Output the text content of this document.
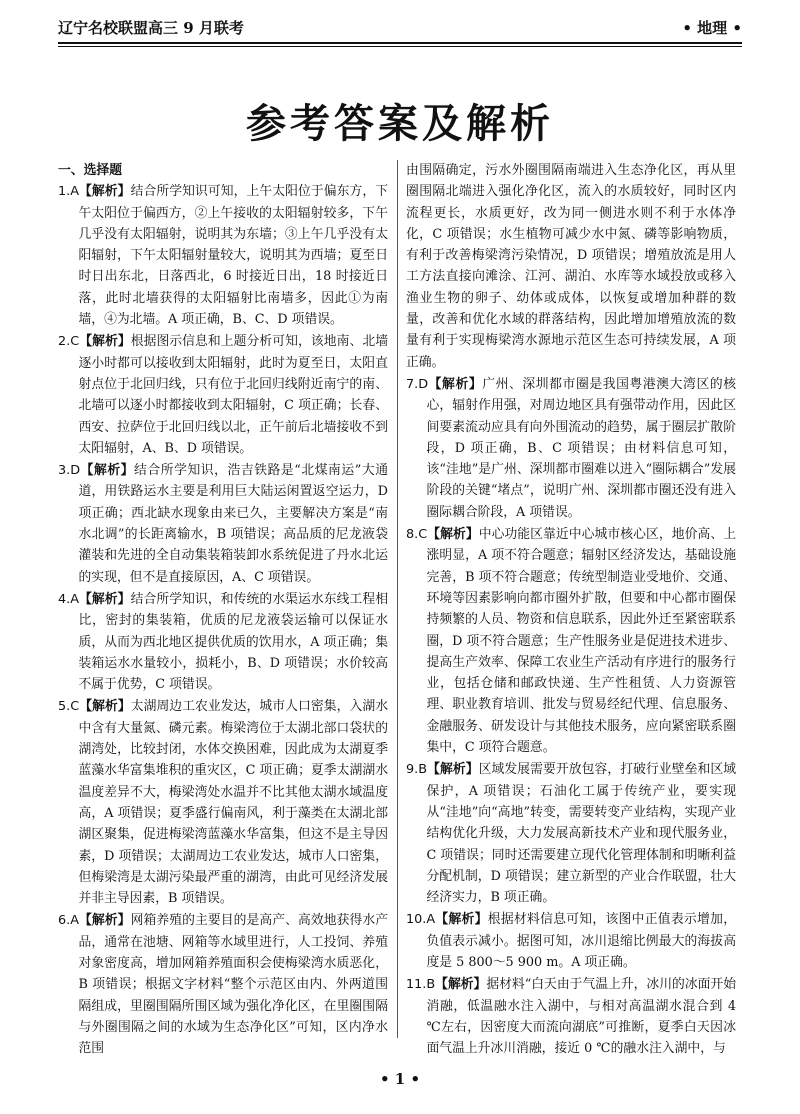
辽宁名校联盟高三 9 月联考	• 地理 •
参考答案及解析
一、选择题
1.A【解析】结合所学知识可知，上午太阳位于偏东方，下午太阳位于偏西方，②上午接收的太阳辐射较多，下午几乎没有太阳辐射，说明其为东墙；③上午几乎没有太阳辐射，下午太阳辐射量较大，说明其为西墙；夏至日时日出东北，日落西北，6 时接近日出，18 时接近日落，此时北墙获得的太阳辐射比南墙多，因此①为南墙，④为北墙。A 项正确，B、C、D 项错误。
2.C【解析】根据图示信息和上题分析可知，该地南、北墙逐小时都可以接收到太阳辐射，此时为夏至日，太阳直射点位于北回归线，只有位于北回归线附近南宁的南、北墙可以逐小时都接收到太阳辐射，C 项正确；长春、西安、拉萨位于北回归线以北，正午前后北墙接收不到太阳辐射，A、B、D 项错误。
3.D【解析】结合所学知识，浩吉铁路是“北煤南运”大通道，用铁路运水主要是利用巨大陆运闲置返空运力，D 项正确；西北缺水现象由来已久，主要解决方案是“南水北调”的长距离输水，B 项错误；高品质的尼龙液袋灌装和先进的全自动集装箱装卸水系统促进了丹水北运的实现，但不是直接原因，A、C 项错误。
4.A【解析】结合所学知识，和传统的水渠运水东线工程相比，密封的集装箱，优质的尼龙液袋运输可以保证水质，从而为西北地区提供优质的饮用水，A 项正确；集装箱运水水量较小，损耗小，B、D 项错误；水价较高不属于优势，C 项错误。
5.C【解析】太湖周边工农业发达，城市人口密集，入湖水中含有大量氮、磷元素。梅梁湾位于太湖北部口袋状的湖湾处，比较封闭，水体交换困难，因此成为太湖夏季蓝藻水华富集堆积的重灾区，C 项正确；夏季太湖湖水温度差异不大，梅梁湾处水温并不比其他太湖水域温度高，A 项错误；夏季盛行偏南风，利于藻类在太湖北部湖区聚集，促进梅梁湾蓝藻水华富集，但这不是主导因素，D 项错误；太湖周边工农业发达，城市人口密集，但梅梁湾是太湖污染最严重的湖湾，由此可见经济发展并非主导因素，B 项错误。
6.A【解析】网箱养殖的主要目的是高产、高效地获得水产品，通常在池塘、网箱等水域里进行，人工投饲、养殖对象密度高，增加网箱养殖面积会使梅梁湾水质恶化，B 项错误；根据文字材料“整个示范区由内、外两道围隔组成，里圈围隔所围区域为强化净化区，在里圈围隔与外圈围隔之间的水域为生态净化区”可知，区内净水范围
由围隔确定，污水外圈围隔南端进入生态净化区，再从里圈围隔北端进入强化净化区，流入的水质较好，同时区内流程更长，水质更好，改为同一侧进水则不利于水体净化，C 项错误；水生植物可减少水中氮、磷等影响物质，有利于改善梅梁湾污染情况，D 项错误；增殖放流是用人工方法直接向滩涂、江河、湖泊、水库等水域投放或移入渔业生物的卵子、幼体或成体，以恢复或增加种群的数量，改善和优化水域的群落结构，因此增加增殖放流的数量有利于实现梅梁湾水源地示范区生态可持续发展，A 项正确。
7.D【解析】广州、深圳都市圈是我国粤港澳大湾区的核心，辐射作用强，对周边地区具有强带动作用，因此区间要素流动应具有向外围流动的趋势，属于圈层扩散阶段，D 项正确，B、C 项错误；由材料信息可知，该“洼地”是广州、深圳都市圈难以进入“圈际耦合”发展阶段的关键“堵点”，说明广州、深圳都市圈还没有进入圈际耦合阶段，A 项错误。
8.C【解析】中心功能区靠近中心城市核心区，地价高、上涨明显，A 项不符合题意；辐射区经济发达，基础设施完善，B 项不符合题意；传统型制造业受地价、交通、环境等因素影响向都市圈外扩散，但要和中心都市圈保持频繁的人员、物资和信息联系，因此外迁至紧密联系圈，D 项不符合题意；生产性服务业是促进技术进步、提高生产效率、保障工农业生产活动有序进行的服务行业，包括仓储和邮政快递、生产性租赁、人力资源管理、职业教育培训、批发与贸易经纪代理、信息服务、金融服务、研发设计与其他技术服务，应向紧密联系圈集中，C 项符合题意。
9.B【解析】区域发展需要开放包容，打破行业壁垒和区域保护，A 项错误；石油化工属于传统产业，要实现从“洼地”向“高地”转变，需要转变产业结构，实现产业结构优化升级，大力发展高新技术产业和现代服务业，C 项错误；同时还需要建立现代化管理体制和明晰利益分配机制，D 项错误；建立新型的产业合作联盟，壮大经济实力，B 项正确。
10.A【解析】根据材料信息可知，该图中正值表示增加，负值表示减小。据图可知，冰川退缩比例最大的海拔高度是 5 800～5 900 m。A 项正确。
11.B【解析】据材料“白天由于气温上升，冰川的冰面开始消融，低温融水注入湖中，与相对高温湖水混合到 4 ℃左右，因密度大而流向湖底”可推断，夏季白天因冰面气温上升冰川消融，接近 0 ℃的融水注入湖中，与
• 1 •
